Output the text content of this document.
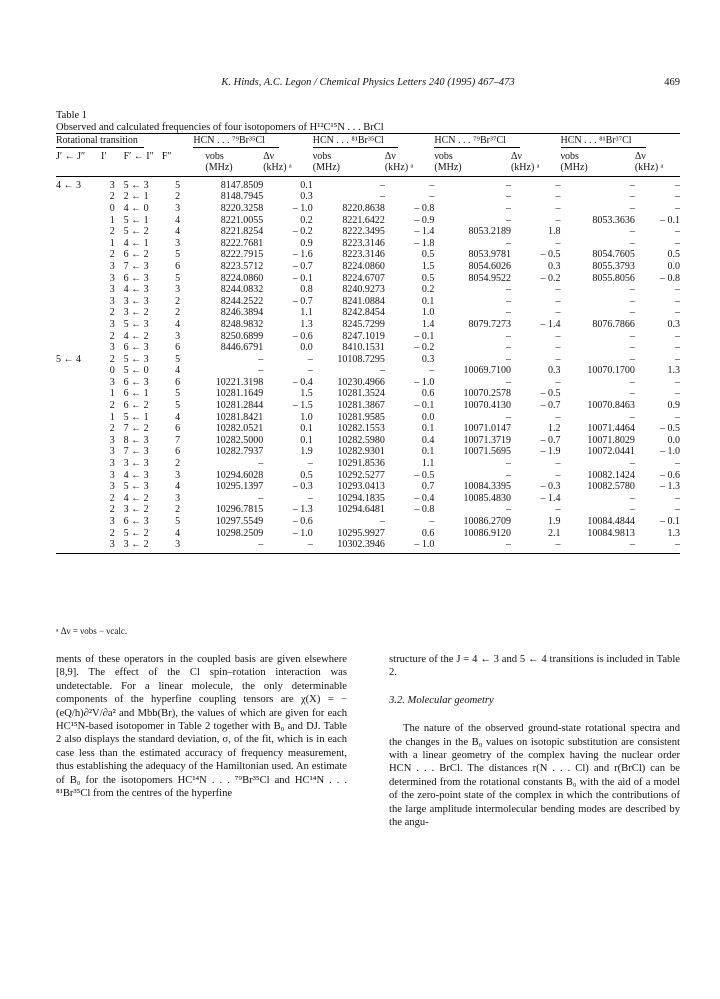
K. Hinds, A.C. Legon / Chemical Physics Letters 240 (1995) 467–473	469
Table 1
Observed and calculated frequencies of four isotopomers of H¹²C¹⁵N . . . BrCl
Rotational transition				HCN . . . ⁷⁹Br³⁵Cl		HCN . . . ⁸¹Br³⁵Cl		HCN . . . ⁷⁹Br³⁷Cl		HCN . . . ⁸¹Br³⁷Cl	
J′ ← J″	I′	F′ ← I″	F″	νobs	Δν	νobs	Δν	νobs	Δν	νobs	Δν
				(MHz)	(kHz) ᵃ	(MHz)	(kHz) ᵃ	(MHz)	(kHz) ᵃ	(MHz)	(kHz) ᵃ
4 ← 3	3	5 ← 3	5	8147.8509	0.1	–	–	–	–	–	–
	2	2 ← 1	2	8148.7945	0.3	–	–	–	–	–	–
	0	4 ← 0	3	8220.3258	– 1.0	8220.8638	– 0.8	–	–	–	–
	1	5 ← 1	4	8221.0055	0.2	8221.6422	– 0.9	–	–	8053.3636	– 0.1
	2	5 ← 2	4	8221.8254	– 0.2	8222.3495	– 1.4	8053.2189	1.8	–	–
	1	4 ← 1	3	8222.7681	0.9	8223.3146	– 1.8	–	–	–	–
	2	6 ← 2	5	8222.7915	– 1.6	8223.3146	0.5	8053.9781	– 0.5	8054.7605	0.5
	3	7 ← 3	6	8223.5712	– 0.7	8224.0860	1.5	8054.6026	0.3	8055.3793	0.0
	3	6 ← 3	5	8224.0860	– 0.1	8224.6707	0.5	8054.9522	– 0.2	8055.8056	– 0.8
	3	4 ← 3	3	8244.0832	0.8	8240.9273	0.2	–	–	–	–
	3	3 ← 3	2	8244.2522	– 0.7	8241.0884	0.1	–	–	–	–
	2	3 ← 2	2	8246.3894	1.1	8242.8454	1.0	–	–	–	–
	3	5 ← 3	4	8248.9832	1.3	8245.7299	1.4	8079.7273	– 1.4	8076.7866	0.3
	2	4 ← 2	3	8250.6899	– 0.6	8247.1019	– 0.1	–	–	–	–
	3	6 ← 3	6	8446.6791	0.0	8410.1531	– 0.2	–	–	–	–
5 ← 4	2	5 ← 3	5	–	–	10108.7295	0.3	–	–	–	–
	0	5 ← 0	4	–	–	–	–	10069.7100	0.3	10070.1700	1.3
	3	6 ← 3	6	10221.3198	– 0.4	10230.4966	– 1.0	–	–	–	–
	1	6 ← 1	5	10281.1649	1.5	10281.3524	0.6	10070.2578	– 0.5	–	–
	2	6 ← 2	5	10281.2844	– 1.5	10281.3867	– 0.1	10070.4130	– 0.7	10070.8463	0.9
	1	5 ← 1	4	10281.8421	1.0	10281.9585	0.0	–	–	–	–
	2	7 ← 2	6	10282.0521	0.1	10282.1553	0.1	10071.0147	1.2	10071.4464	– 0.5
	3	8 ← 3	7	10282.5000	0.1	10282.5980	0.4	10071.3719	– 0.7	10071.8029	0.0
	3	7 ← 3	6	10282.7937	1.9	10282.9301	0.1	10071.5695	– 1.9	10072.0441	– 1.0
	3	3 ← 3	2	–	–	10291.8536	1.1	–	–	–	–
	3	4 ← 3	3	10294.6028	0.5	10292.5277	– 0.5	–	–	10082.1424	– 0.6
	3	5 ← 3	4	10295.1397	– 0.3	10293.0413	0.7	10084.3395	– 0.3	10082.5780	– 1.3
	2	4 ← 2	3	–	–	10294.1835	– 0.4	10085.4830	– 1.4	–	–
	2	3 ← 2	2	10296.7815	– 1.3	10294.6481	– 0.8	–	–	–	–
	3	6 ← 3	5	10297.5549	– 0.6	–	–	10086.2709	1.9	10084.4844	– 0.1
	2	5 ← 2	4	10298.2509	– 1.0	10295.9927	0.6	10086.9120	2.1	10084.9813	1.3
	3	3 ← 2	3	–	–	10302.3946	– 1.0	–	–	–	–
ᵃ Δν = νobs − νcalc.

ments of these operators in the coupled basis are given elsewhere [8,9]. The effect of the Cl spin–rotation interaction was undetectable. For a linear molecule, the only determinable components of the hyperfine coupling tensors are χ(X) = −(eQ/h)∂²V/∂a² and Mbb(Br), the values of which are given for each HC¹⁵N-based isotopomer in Table 2 together with B₀ and DJ. Table 2 also displays the standard deviation, σ, of the fit, which is in each case less than the estimated accuracy of frequency measurement, thus establishing the adequacy of the Hamiltonian used. An estimate of B₀ for the isotopomers HC¹⁴N . . . ⁷⁹Br³⁵Cl and HC¹⁴N . . . ⁸¹Br³⁵Cl from the centres of the hyperfine

structure of the J = 4 ← 3 and 5 ← 4 transitions is included in Table 2.

3.2. Molecular geometry

The nature of the observed ground-state rotational spectra and the changes in the B₀ values on isotopic substitution are consistent with a linear geometry of the complex having the nuclear order HCN . . . BrCl. The distances r(N . . . Cl) and r(BrCl) can be determined from the rotational constants B₀ with the aid of a model of the zero-point state of the complex in which the contributions of the large amplitude intermolecular bending modes are described by the angu-
